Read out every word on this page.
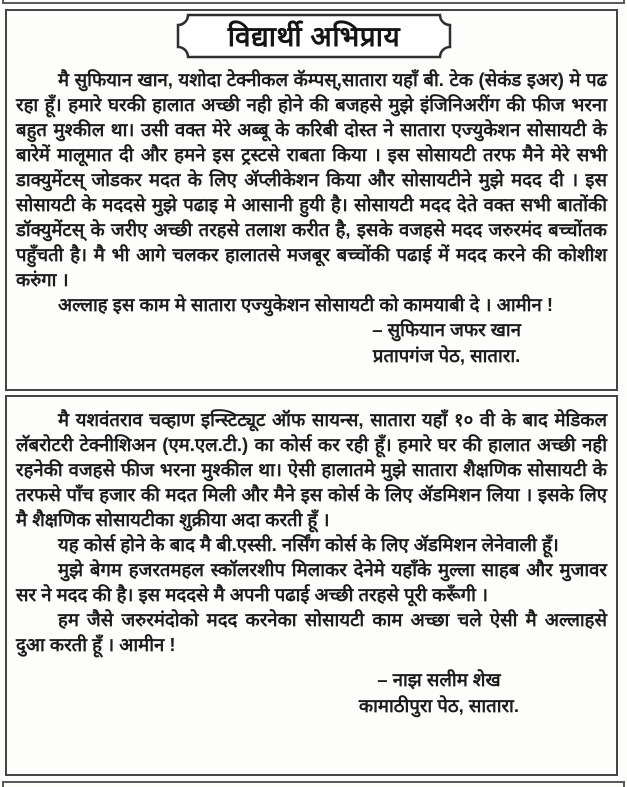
मै सुफियान खान, यशोदा टेक्नीकल कॅम्पस्,सातारा यहाँ बी. टेक (सेकंड इअर) मे पढ रहा हूँ। हमारे घरकी हालात अच्छी नही होने की बजहसे मुझे इंजिनिअरींग की फीज भरना बहुत मुश्कील था। उसी वक्त मेरे अब्बू के करिबी दोस्त ने सातारा एज्युकेशन सोसायटी के बारेमें मालूमात दी और हमने इस ट्रस्टसे राबता किया । इस सोसायटी तरफ मैने मेरे सभी डाक्युमेंटस् जोडकर मदत के लिए ॲप्लीकेशन किया और सोसायटीने मुझे मदद दी । इस सोसायटी के मददसे मुझे पढाइ मे आसानी हुयी है। सोसायटी मदद देते वक्त सभी बातोंकी डॉक्युमेंटस् के जरीए अच्छी तरहसे तलाश करीत है, इसके वजहसे मदद जरुरमंद बच्चोंतक पहुँचती है। मै भी आगे चलकर हालातसे मजबूर बच्चोंकी पढाई में मदद करने की कोशीश करुंगा ।

अल्लाह इस काम मे सातारा एज्युकेशन सोसायटी को कामयाबी दे । आमीन !

– सुफियान जफर खान
प्रतापगंज पेठ, सातारा.
विद्यार्थी अभिप्राय

मै यशवंतराव चव्हाण इन्स्टिट्यूट ऑफ सायन्स, सातारा यहाँ १० वी के बाद मेडिकल लॅबरोटरी टेक्नीशिअन (एम.एल.टी.) का कोर्स कर रही हूँ। हमारे घर की हालात अच्छी नही रहनेकी वजहसे फीज भरना मुश्कील था। ऐसी हालातमे मुझे सातारा शैक्षणिक सोसायटी के तरफसे पाँच हजार की मदत मिली और मैने इस कोर्स के लिए ॲडमिशन लिया । इसके लिए मै शैक्षणिक सोसायटीका शुक्रीया अदा करती हूँ ।

यह कोर्स होने के बाद मै बी.एस्सी. नर्सिंग कोर्स के लिए ॲडमिशन लेनेवाली हूँ।

मुझे बेगम हजरतमहल स्कॉलरशीप मिलाकर देनेमे यहाँके मुल्ला साहब और मुजावर सर ने मदद की है। इस मददसे मै अपनी पढाई अच्छी तरहसे पूरी करूँगी ।

हम जैसे जरुरमंदोको मदद करनेका सोसायटी काम अच्छा चले ऐसी मै अल्लाहसे दुआ करती हूँ । आमीन !

– नाझ सलीम शेख
कामाठीपुरा पेठ, सातारा.
